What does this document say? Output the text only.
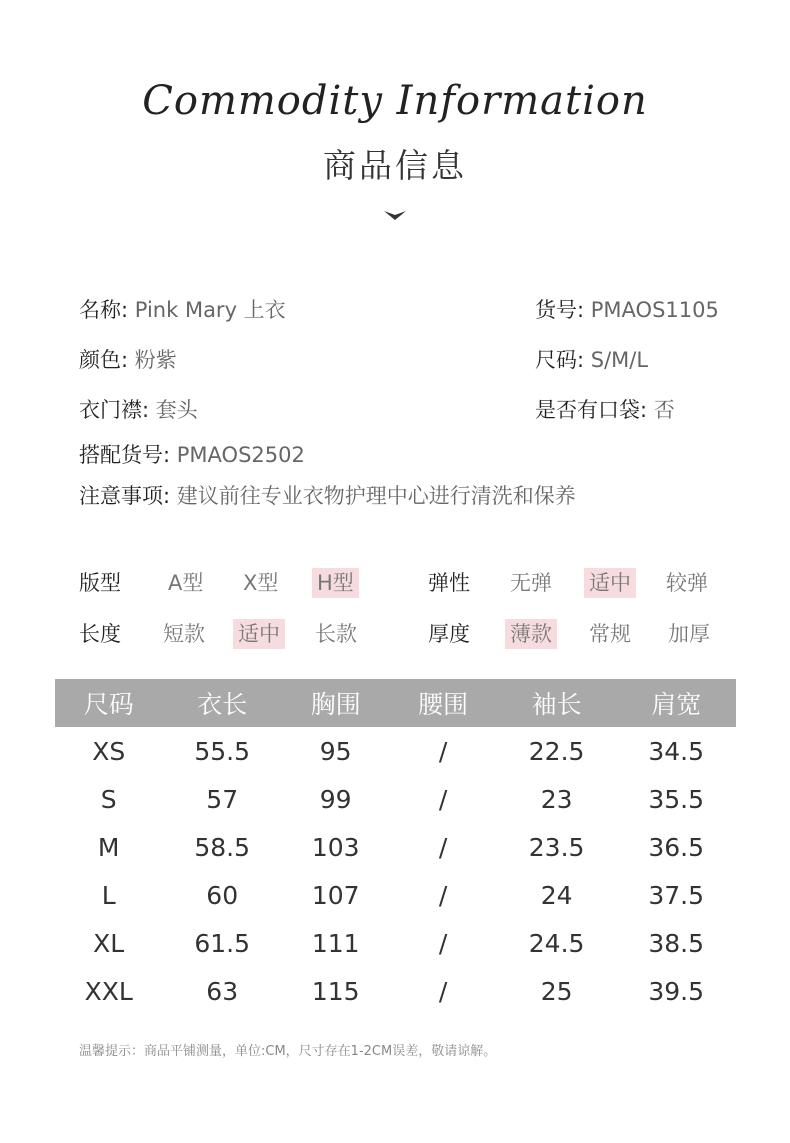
Commodity Information
商品信息
名称: Pink Mary 上衣	货号: PMAOS1105
颜色: 粉紫	尺码: S/M/L
衣门襟: 套头	是否有口袋: 否
搭配货号: PMAOS2502
注意事项: 建议前往专业衣物护理中心进行清洗和保养
版型 A型 X型 H型	弹性 无弹 适中 较弹
长度 短款 适中 长款	厚度 薄款 常规 加厚
尺码	衣长	胸围	腰围	袖长	肩宽
XS	55.5	95	/	22.5	34.5
S	57	99	/	23	35.5
M	58.5	103	/	23.5	36.5
L	60	107	/	24	37.5
XL	61.5	111	/	24.5	38.5
XXL	63	115	/	25	39.5
温馨提示：商品平铺测量，单位:CM，尺寸存在1-2CM误差，敬请谅解。
